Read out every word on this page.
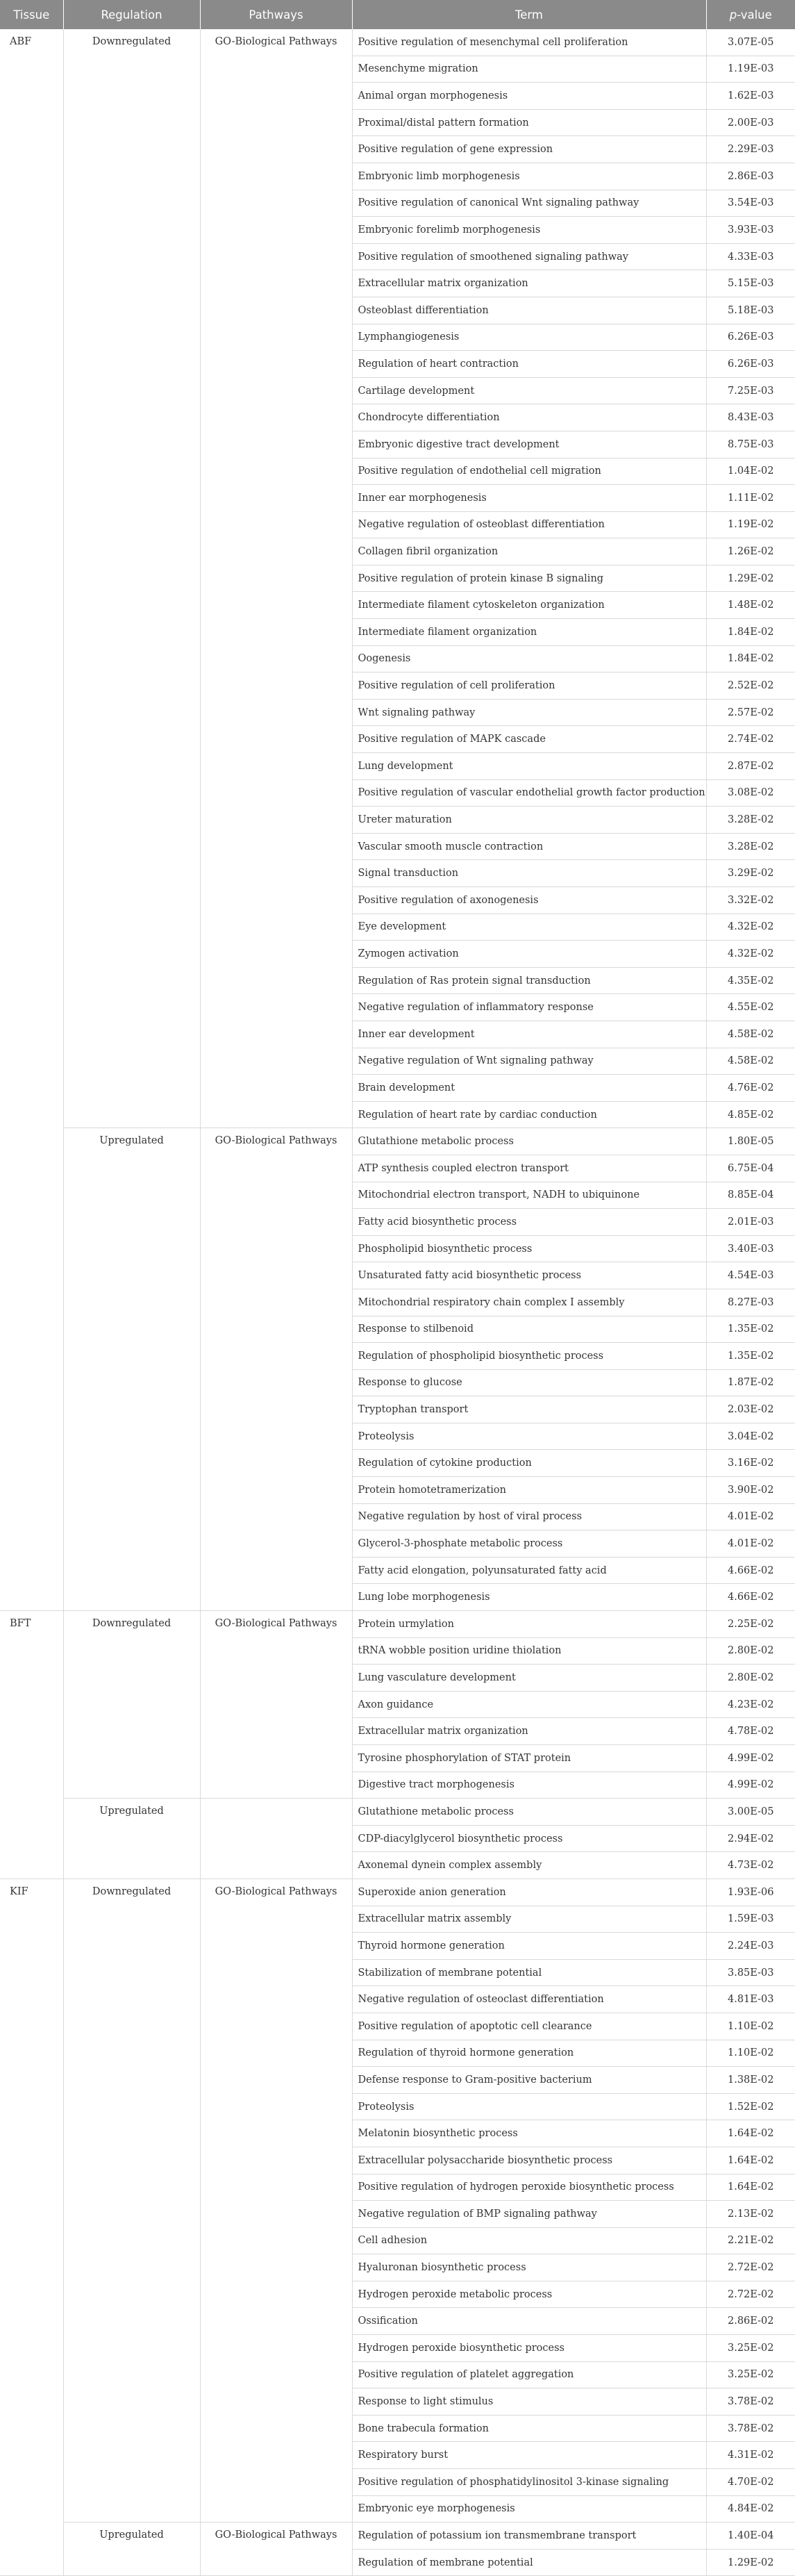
Tissue	Regulation	Pathways	Term	p-value
ABF	Downregulated	GO-Biological Pathways	Positive regulation of mesenchymal cell proliferation	3.07E-05
			Mesenchyme migration	1.19E-03
			Animal organ morphogenesis	1.62E-03
			Proximal/distal pattern formation	2.00E-03
			Positive regulation of gene expression	2.29E-03
			Embryonic limb morphogenesis	2.86E-03
			Positive regulation of canonical Wnt signaling pathway	3.54E-03
			Embryonic forelimb morphogenesis	3.93E-03
			Positive regulation of smoothened signaling pathway	4.33E-03
			Extracellular matrix organization	5.15E-03
			Osteoblast differentiation	5.18E-03
			Lymphangiogenesis	6.26E-03
			Regulation of heart contraction	6.26E-03
			Cartilage development	7.25E-03
			Chondrocyte differentiation	8.43E-03
			Embryonic digestive tract development	8.75E-03
			Positive regulation of endothelial cell migration	1.04E-02
			Inner ear morphogenesis	1.11E-02
			Negative regulation of osteoblast differentiation	1.19E-02
			Collagen fibril organization	1.26E-02
			Positive regulation of protein kinase B signaling	1.29E-02
			Intermediate filament cytoskeleton organization	1.48E-02
			Intermediate filament organization	1.84E-02
			Oogenesis	1.84E-02
			Positive regulation of cell proliferation	2.52E-02
			Wnt signaling pathway	2.57E-02
			Positive regulation of MAPK cascade	2.74E-02
			Lung development	2.87E-02
			Positive regulation of vascular endothelial growth factor production	3.08E-02
			Ureter maturation	3.28E-02
			Vascular smooth muscle contraction	3.28E-02
			Signal transduction	3.29E-02
			Positive regulation of axonogenesis	3.32E-02
			Eye development	4.32E-02
			Zymogen activation	4.32E-02
			Regulation of Ras protein signal transduction	4.35E-02
			Negative regulation of inflammatory response	4.55E-02
			Inner ear development	4.58E-02
			Negative regulation of Wnt signaling pathway	4.58E-02
			Brain development	4.76E-02
			Regulation of heart rate by cardiac conduction	4.85E-02
	Upregulated	GO-Biological Pathways	Glutathione metabolic process	1.80E-05
			ATP synthesis coupled electron transport	6.75E-04
			Mitochondrial electron transport, NADH to ubiquinone	8.85E-04
			Fatty acid biosynthetic process	2.01E-03
			Phospholipid biosynthetic process	3.40E-03
			Unsaturated fatty acid biosynthetic process	4.54E-03
			Mitochondrial respiratory chain complex I assembly	8.27E-03
			Response to stilbenoid	1.35E-02
			Regulation of phospholipid biosynthetic process	1.35E-02
			Response to glucose	1.87E-02
			Tryptophan transport	2.03E-02
			Proteolysis	3.04E-02
			Regulation of cytokine production	3.16E-02
			Protein homotetramerization	3.90E-02
			Negative regulation by host of viral process	4.01E-02
			Glycerol-3-phosphate metabolic process	4.01E-02
			Fatty acid elongation, polyunsaturated fatty acid	4.66E-02
			Lung lobe morphogenesis	4.66E-02
BFT	Downregulated	GO-Biological Pathways	Protein urmylation	2.25E-02
			tRNA wobble position uridine thiolation	2.80E-02
			Lung vasculature development	2.80E-02
			Axon guidance	4.23E-02
			Extracellular matrix organization	4.78E-02
			Tyrosine phosphorylation of STAT protein	4.99E-02
			Digestive tract morphogenesis	4.99E-02
	Upregulated		Glutathione metabolic process	3.00E-05
			CDP-diacylglycerol biosynthetic process	2.94E-02
			Axonemal dynein complex assembly	4.73E-02
KIF	Downregulated	GO-Biological Pathways	Superoxide anion generation	1.93E-06
			Extracellular matrix assembly	1.59E-03
			Thyroid hormone generation	2.24E-03
			Stabilization of membrane potential	3.85E-03
			Negative regulation of osteoclast differentiation	4.81E-03
			Positive regulation of apoptotic cell clearance	1.10E-02
			Regulation of thyroid hormone generation	1.10E-02
			Defense response to Gram-positive bacterium	1.38E-02
			Proteolysis	1.52E-02
			Melatonin biosynthetic process	1.64E-02
			Extracellular polysaccharide biosynthetic process	1.64E-02
			Positive regulation of hydrogen peroxide biosynthetic process	1.64E-02
			Negative regulation of BMP signaling pathway	2.13E-02
			Cell adhesion	2.21E-02
			Hyaluronan biosynthetic process	2.72E-02
			Hydrogen peroxide metabolic process	2.72E-02
			Ossification	2.86E-02
			Hydrogen peroxide biosynthetic process	3.25E-02
			Positive regulation of platelet aggregation	3.25E-02
			Response to light stimulus	3.78E-02
			Bone trabecula formation	3.78E-02
			Respiratory burst	4.31E-02
			Positive regulation of phosphatidylinositol 3-kinase signaling	4.70E-02
			Embryonic eye morphogenesis	4.84E-02
	Upregulated	GO-Biological Pathways	Regulation of potassium ion transmembrane transport	1.40E-04
			Regulation of membrane potential	1.29E-02
